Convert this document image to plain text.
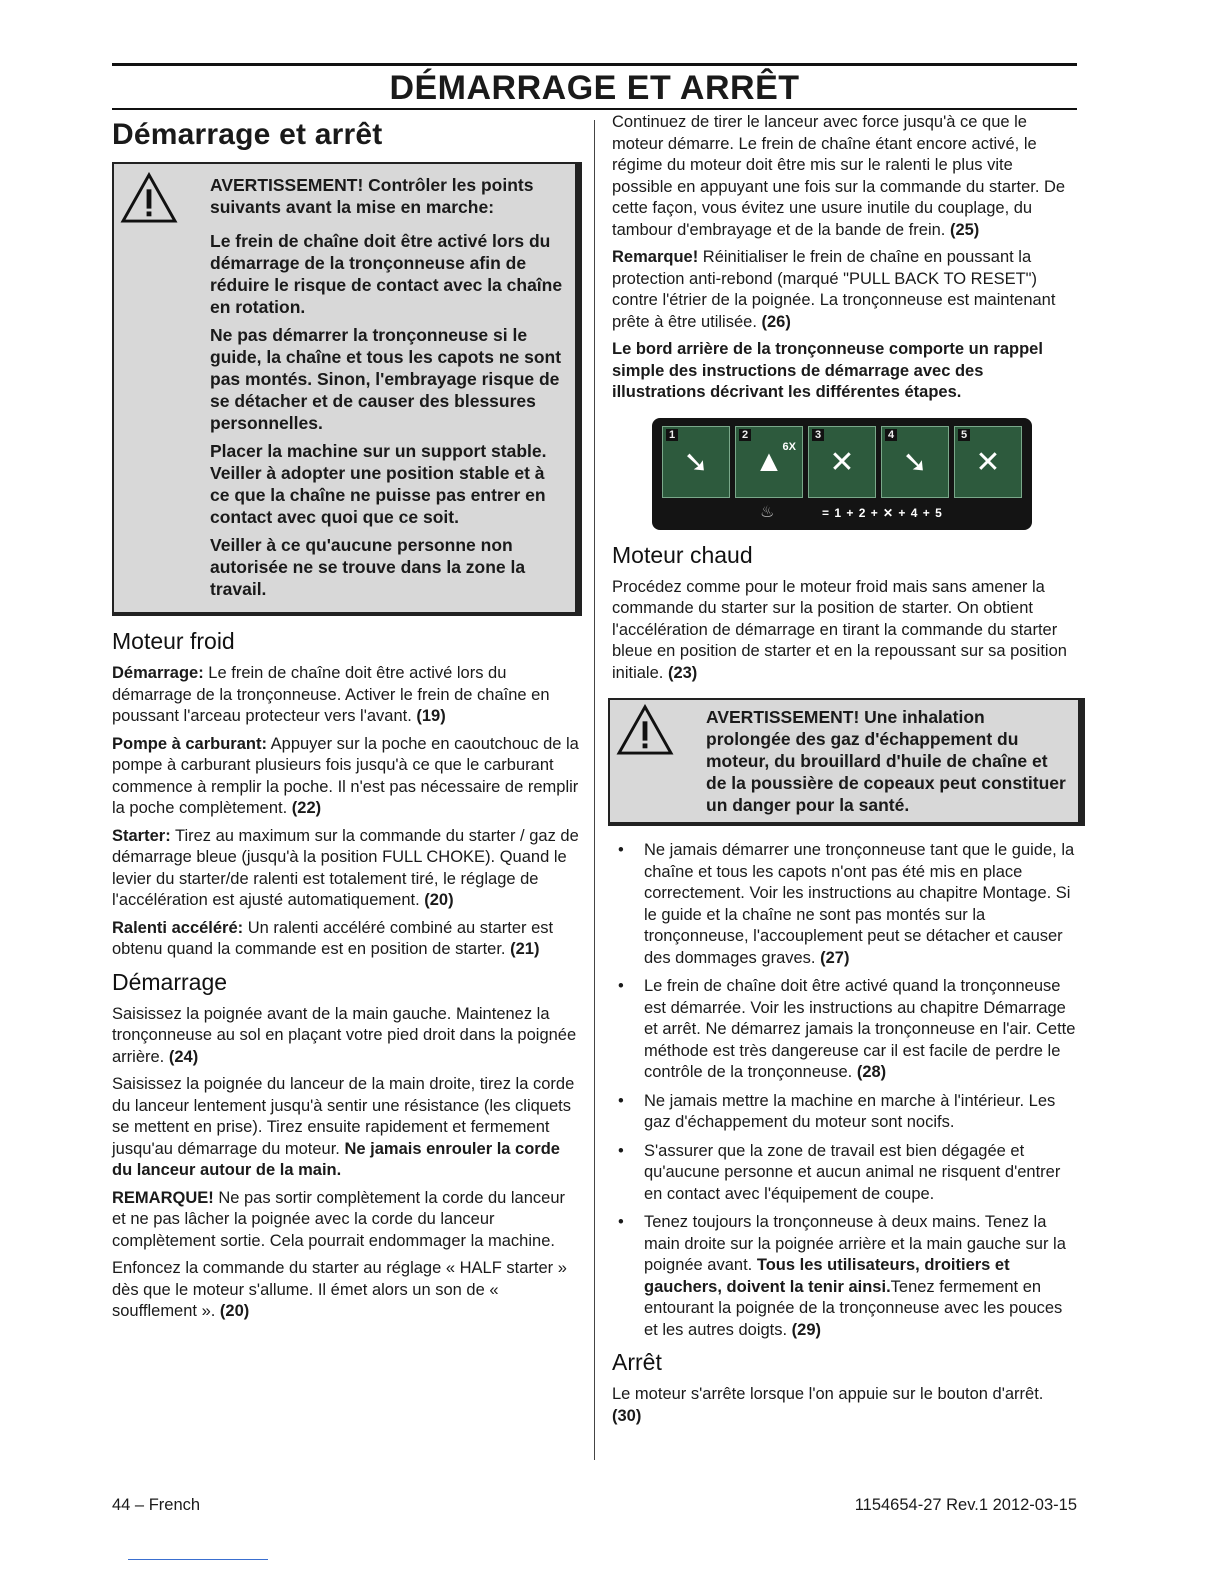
DÉMARRAGE ET ARRÊT
Démarrage et arrêt

AVERTISSEMENT! Contrôler les points suivants avant la mise en marche:

Le frein de chaîne doit être activé lors du démarrage de la tronçonneuse afin de réduire le risque de contact avec la chaîne en rotation.

Ne pas démarrer la tronçonneuse si le guide, la chaîne et tous les capots ne sont pas montés. Sinon, l'embrayage risque de se détacher et de causer des blessures personnelles.

Placer la machine sur un support stable. Veiller à adopter une position stable et à ce que la chaîne ne puisse pas entrer en contact avec quoi que ce soit.

Veiller à ce qu'aucune personne non autorisée ne se trouve dans la zone la travail.

Moteur froid

Démarrage: Le frein de chaîne doit être activé lors du démarrage de la tronçonneuse. Activer le frein de chaîne en poussant l'arceau protecteur vers l'avant. (19)

Pompe à carburant: Appuyer sur la poche en caoutchouc de la pompe à carburant plusieurs fois jusqu'à ce que le carburant commence à remplir la poche. Il n'est pas nécessaire de remplir la poche complètement. (22)

Starter: Tirez au maximum sur la commande du starter / gaz de démarrage bleue (jusqu'à la position FULL CHOKE). Quand le levier du starter/de ralenti est totalement tiré, le réglage de l'accélération est ajusté automatiquement. (20)

Ralenti accéléré: Un ralenti accéléré combiné au starter est obtenu quand la commande est en position de starter. (21)

Démarrage

Saisissez la poignée avant de la main gauche. Maintenez la tronçonneuse au sol en plaçant votre pied droit dans la poignée arrière. (24)

Saisissez la poignée du lanceur de la main droite, tirez la corde du lanceur lentement jusqu'à sentir une résistance (les cliquets se mettent en prise). Tirez ensuite rapidement et fermement jusqu'au démarrage du moteur. Ne jamais enrouler la corde du lanceur autour de la main.

REMARQUE! Ne pas sortir complètement la corde du lanceur et ne pas lâcher la poignée avec la corde du lanceur complètement sortie. Cela pourrait endommager la machine.

Enfoncez la commande du starter au réglage « HALF starter » dès que le moteur s'allume. Il émet alors un son de « soufflement ». (20)

Continuez de tirer le lanceur avec force jusqu'à ce que le moteur démarre. Le frein de chaîne étant encore activé, le régime du moteur doit être mis sur le ralenti le plus vite possible en appuyant une fois sur la commande du starter. De cette façon, vous évitez une usure inutile du couplage, du tambour d'embrayage et de la bande de frein. (25)

Remarque! Réinitialiser le frein de chaîne en poussant la protection anti-rebond (marqué "PULL BACK TO RESET") contre l'étrier de la poignée. La tronçonneuse est maintenant prête à être utilisée. (26)

Le bord arrière de la tronçonneuse comporte un rappel simple des instructions de démarrage avec des illustrations décrivant les différentes étapes.

1
➘
2
6X
▲
3
✕
4
➘
5
✕
♨	= 1 + 2 + ✕ + 4 + 5
Moteur chaud

Procédez comme pour le moteur froid mais sans amener la commande du starter sur la position de starter. On obtient l'accélération de démarrage en tirant la commande du starter bleue en position de starter et en la repoussant sur sa position initiale. (23)

AVERTISSEMENT! Une inhalation prolongée des gaz d'échappement du moteur, du brouillard d'huile de chaîne et de la poussière de copeaux peut constituer un danger pour la santé.

• Ne jamais démarrer une tronçonneuse tant que le guide, la chaîne et tous les capots n'ont pas été mis en place correctement. Voir les instructions au chapitre Montage. Si le guide et la chaîne ne sont pas montés sur la tronçonneuse, l'accouplement peut se détacher et causer des dommages graves. (27)
• Le frein de chaîne doit être activé quand la tronçonneuse est démarrée. Voir les instructions au chapitre Démarrage et arrêt. Ne démarrez jamais la tronçonneuse en l'air. Cette méthode est très dangereuse car il est facile de perdre le contrôle de la tronçonneuse. (28)
• Ne jamais mettre la machine en marche à l'intérieur. Les gaz d'échappement du moteur sont nocifs.
• S'assurer que la zone de travail est bien dégagée et qu'aucune personne et aucun animal ne risquent d'entrer en contact avec l'équipement de coupe.
• Tenez toujours la tronçonneuse à deux mains. Tenez la main droite sur la poignée arrière et la main gauche sur la poignée avant. Tous les utilisateurs, droitiers et gauchers, doivent la tenir ainsi.Tenez fermement en entourant la poignée de la tronçonneuse avec les pouces et les autres doigts. (29)
Arrêt

Le moteur s'arrête lorsque l'on appuie sur le bouton d'arrêt. (30)

44 – French	1154654-27 Rev.1 2012-03-15
